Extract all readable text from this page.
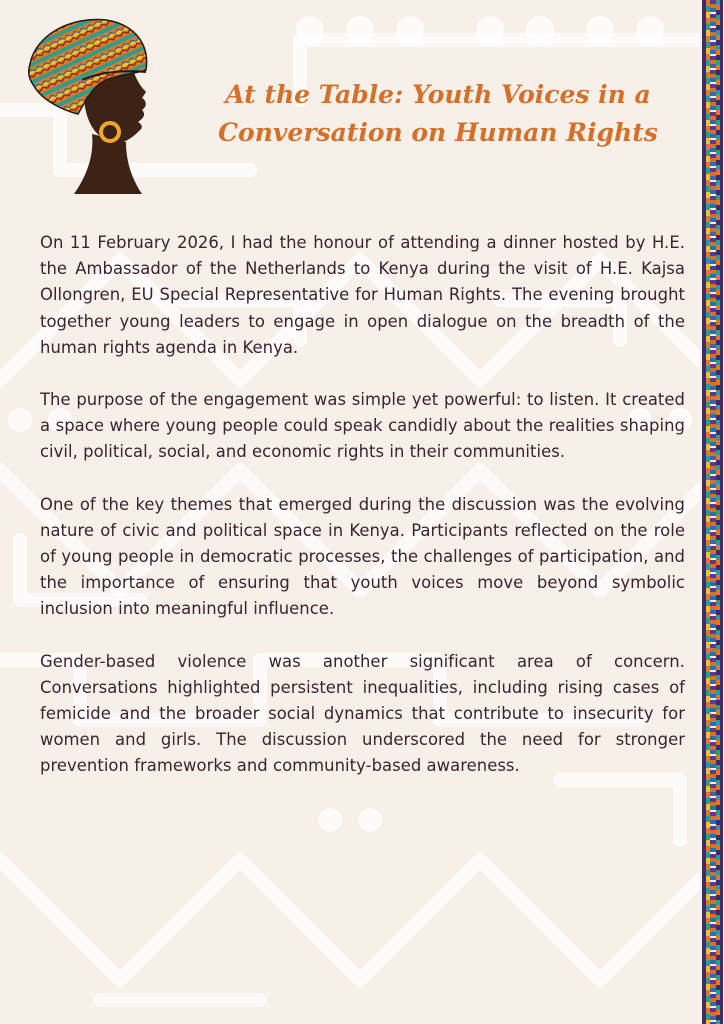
At the Table: Youth Voices in a
Conversation on Human Rights

On 11 February 2026, I had the honour of attending a dinner hosted by H.E. the Ambassador of the Netherlands to Kenya during the visit of H.E. Kajsa Ollongren, EU Special Representative for Human Rights. The evening brought together young leaders to engage in open dialogue on the breadth of the human rights agenda in Kenya.

The purpose of the engagement was simple yet powerful: to listen. It created a space where young people could speak candidly about the realities shaping civil, political, social, and economic rights in their communities.

One of the key themes that emerged during the discussion was the evolving nature of civic and political space in Kenya. Participants reflected on the role of young people in democratic processes, the challenges of participation, and the importance of ensuring that youth voices move beyond symbolic inclusion into meaningful influence.

Gender-based violence was another significant area of concern. Conversations highlighted persistent inequalities, including rising cases of femicide and the broader social dynamics that contribute to insecurity for women and girls. The discussion underscored the need for stronger prevention frameworks and community-based awareness.
